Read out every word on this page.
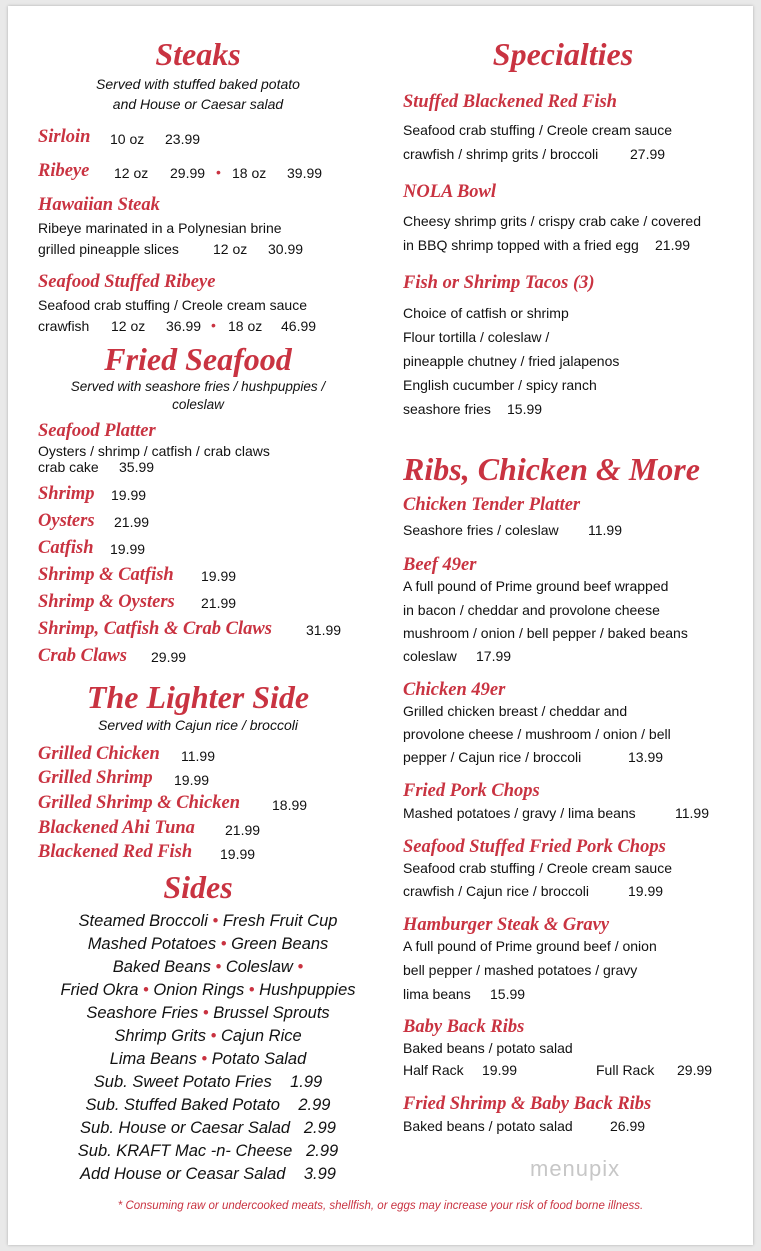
Steaks
Served with stuffed baked potato
and House or Caesar salad
Sirloin 10 oz 23.99
Ribeye 12 oz 29.99 • 18 oz 39.99
Hawaiian Steak
Ribeye marinated in a Polynesian brine
grilled pineapple slices 12 oz 30.99
Seafood Stuffed Ribeye
Seafood crab stuffing / Creole cream sauce
crawfish 12 oz 36.99 • 18 oz 46.99
Fried Seafood
Served with seashore fries / hushpuppies /
coleslaw
Seafood Platter
Oysters / shrimp / catfish / crab claws
crab cake 35.99
Shrimp 19.99
Oysters 21.99
Catfish 19.99
Shrimp & Catfish 19.99
Shrimp & Oysters 21.99
Shrimp, Catfish & Crab Claws 31.99
Crab Claws 29.99
The Lighter Side
Served with Cajun rice / broccoli
Grilled Chicken 11.99
Grilled Shrimp 19.99
Grilled Shrimp & Chicken 18.99
Blackened Ahi Tuna 21.99
Blackened Red Fish 19.99
Sides
Steamed Broccoli • Fresh Fruit Cup
Mashed Potatoes • Green Beans
Baked Beans • Coleslaw •
Fried Okra • Onion Rings • Hushpuppies
Seashore Fries • Brussel Sprouts
Shrimp Grits • Cajun Rice
Lima Beans • Potato Salad
Sub. Sweet Potato Fries 1.99
Sub. Stuffed Baked Potato 2.99
Sub. House or Caesar Salad 2.99
Sub. KRAFT Mac -n- Cheese 2.99
Add House or Ceasar Salad 3.99
Specialties
Stuffed Blackened Red Fish
Seafood crab stuffing / Creole cream sauce
crawfish / shrimp grits / broccoli 27.99
NOLA Bowl
Cheesy shrimp grits / crispy crab cake / covered
in BBQ shrimp topped with a fried egg 21.99
Fish or Shrimp Tacos (3)
Choice of catfish or shrimp
Flour tortilla / coleslaw /
pineapple chutney / fried jalapenos
English cucumber / spicy ranch
seashore fries 15.99
Ribs, Chicken & More
Chicken Tender Platter
Seashore fries / coleslaw 11.99
Beef 49er
A full pound of Prime ground beef wrapped
in bacon / cheddar and provolone cheese
mushroom / onion / bell pepper / baked beans
coleslaw 17.99
Chicken 49er
Grilled chicken breast / cheddar and
provolone cheese / mushroom / onion / bell
pepper / Cajun rice / broccoli	13.99
Fried Pork Chops
Mashed potatoes / gravy / lima beans	11.99
Seafood Stuffed Fried Pork Chops
Seafood crab stuffing / Creole cream sauce
crawfish / Cajun rice / broccoli	19.99
Hamburger Steak & Gravy
A full pound of Prime ground beef / onion
bell pepper / mashed potatoes / gravy
lima beans 15.99
Baby Back Ribs
Baked beans / potato salad
Half Rack 19.99	Full Rack 29.99
Fried Shrimp & Baby Back Ribs
Baked beans / potato salad	26.99
menupix
* Consuming raw or undercooked meats, shellfish, or eggs may increase your risk of food borne illness.
